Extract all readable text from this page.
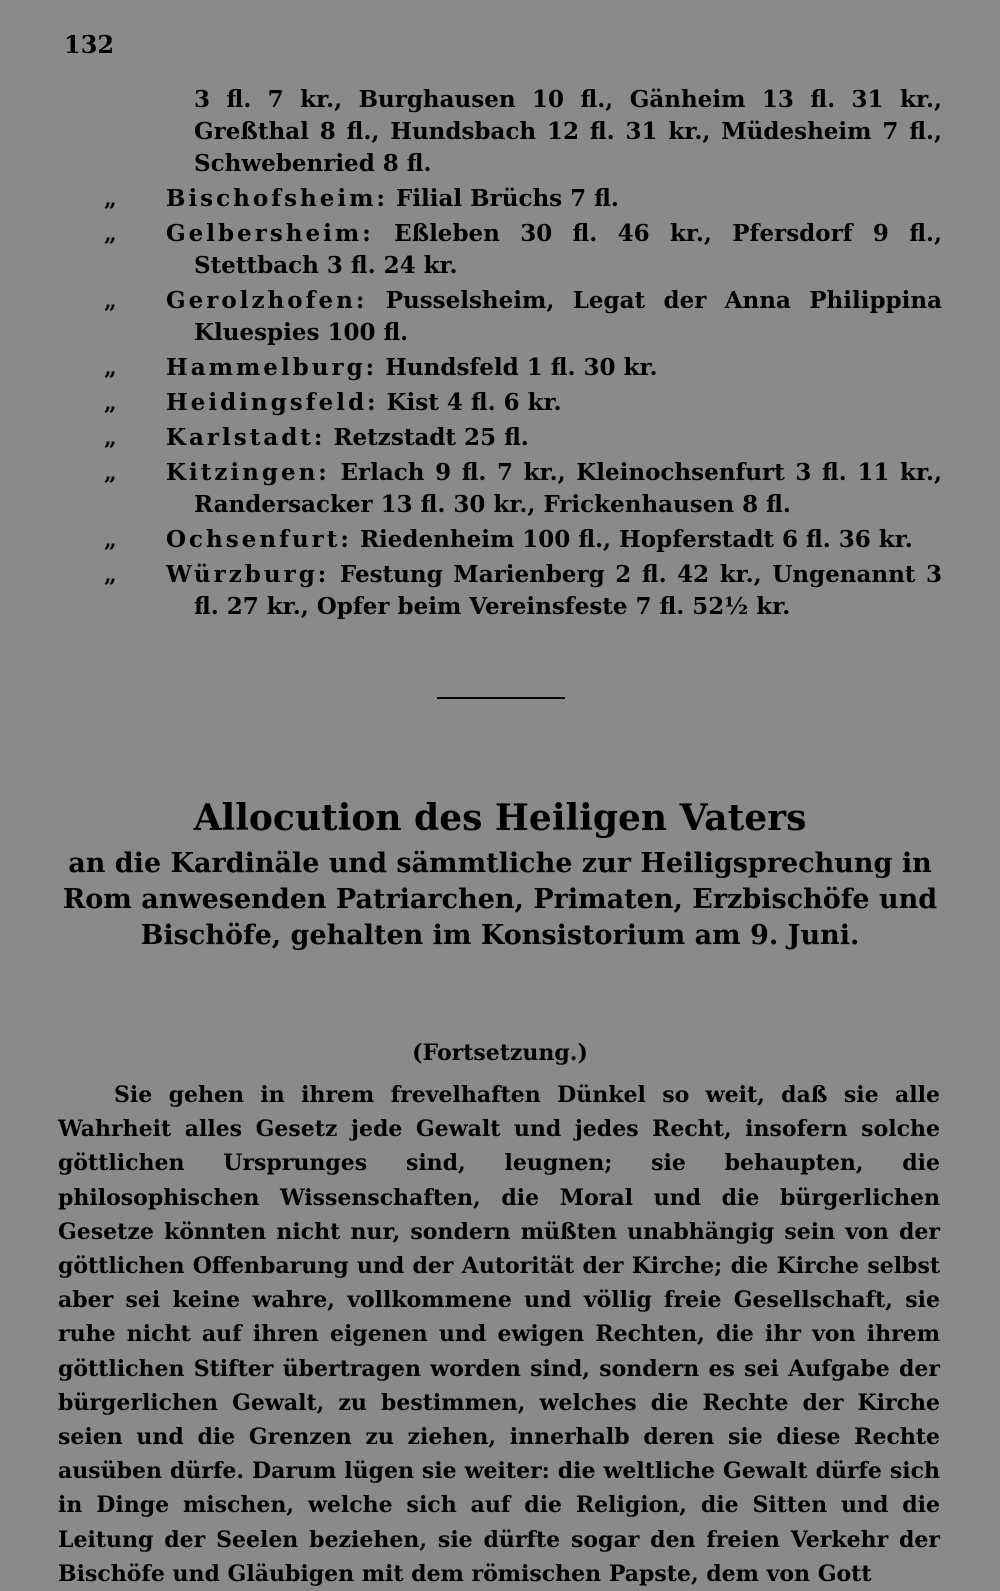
132
3 fl. 7 kr., Burghausen 10 fl., Gänheim 13 fl. 31 kr., Greßthal 8 fl., Hundsbach 12 fl. 31 kr., Müdesheim 7 fl., Schwebenried 8 fl.
„ Bischofsheim: Filial Brüchs 7 fl.
„ Gelbersheim: Eßleben 30 fl. 46 kr., Pfersdorf 9 fl., Stettbach 3 fl. 24 kr.
„ Gerolzhofen: Pusselsheim, Legat der Anna Philippina Kluespies 100 fl.
„ Hammelburg: Hundsfeld 1 fl. 30 kr.
„ Heidingsfeld: Kist 4 fl. 6 kr.
„ Karlstadt: Retzstadt 25 fl.
„ Kitzingen: Erlach 9 fl. 7 kr., Kleinochsenfurt 3 fl. 11 kr., Randersacker 13 fl. 30 kr., Frickenhausen 8 fl.
„ Ochsenfurt: Riedenheim 100 fl., Hopferstadt 6 fl. 36 kr.
„ Würzburg: Festung Marienberg 2 fl. 42 kr., Ungenannt 3 fl. 27 kr., Opfer beim Vereinsfeste 7 fl. 52½ kr.
Allocution des Heiligen Vaters
an die Kardinäle und sämmtliche zur Heiligsprechung in Rom anwesenden Patriarchen, Primaten, Erzbischöfe und Bischöfe, gehalten im Konsistorium am 9. Juni.
(Fortsetzung.)
Sie gehen in ihrem frevelhaften Dünkel so weit, daß sie alle Wahrheit alles Gesetz jede Gewalt und jedes Recht, insofern solche göttlichen Ursprunges sind, leugnen; sie behaupten, die philosophischen Wissenschaften, die Moral und die bürgerlichen Gesetze könnten nicht nur, sondern müßten unabhängig sein von der göttlichen Offenbarung und der Autorität der Kirche; die Kirche selbst aber sei keine wahre, vollkommene und völlig freie Gesellschaft, sie ruhe nicht auf ihren eigenen und ewigen Rechten, die ihr von ihrem göttlichen Stifter übertragen worden sind, sondern es sei Aufgabe der bürgerlichen Gewalt, zu bestimmen, welches die Rechte der Kirche seien und die Grenzen zu ziehen, innerhalb deren sie diese Rechte ausüben dürfe. Darum lügen sie weiter: die weltliche Gewalt dürfe sich in Dinge mischen, welche sich auf die Religion, die Sitten und die Leitung der Seelen beziehen, sie dürfte sogar den freien Verkehr der Bischöfe und Gläubigen mit dem römischen Papste, dem von Gott
